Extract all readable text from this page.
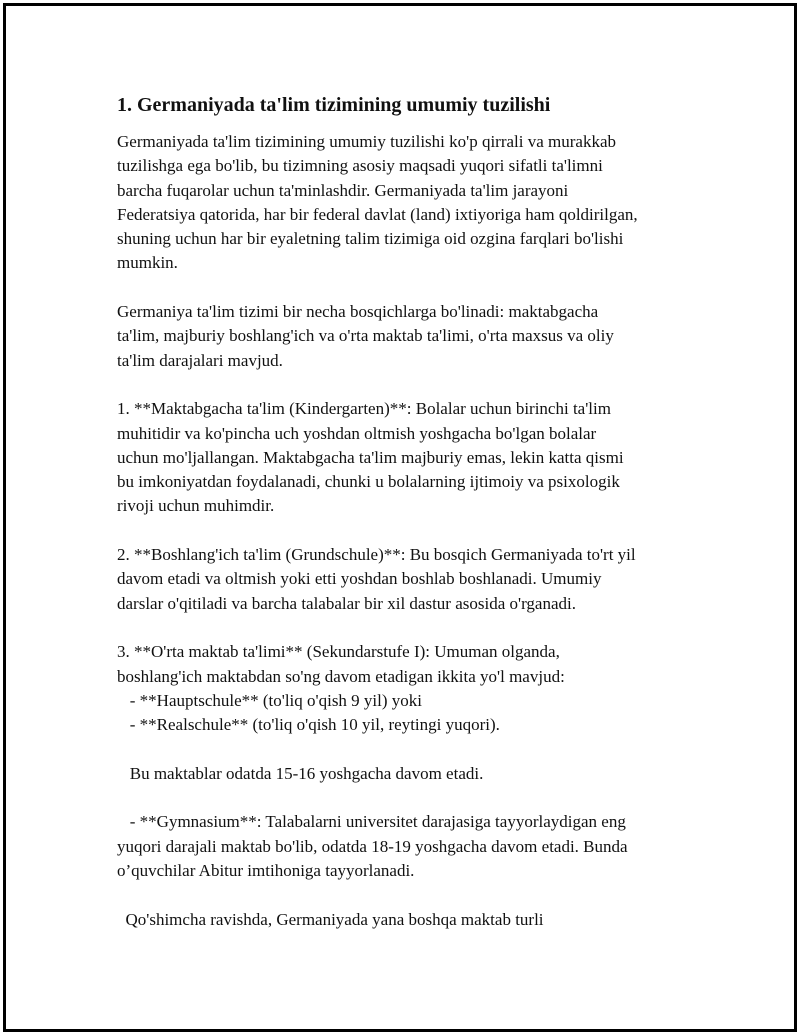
1. Germaniyada ta'lim tizimining umumiy tuzilishi
Germaniyada ta'lim tizimining umumiy tuzilishi ko'p qirrali va murakkab
tuzilishga ega bo'lib, bu tizimning asosiy maqsadi yuqori sifatli ta'limni
barcha fuqarolar uchun ta'minlashdir. Germaniyada ta'lim jarayoni
Federatsiya qatorida, har bir federal davlat (land) ixtiyoriga ham qoldirilgan,
shuning uchun har bir eyaletning talim tizimiga oid ozgina farqlari bo'lishi
mumkin.
Germaniya ta'lim tizimi bir necha bosqichlarga bo'linadi: maktabgacha
ta'lim, majburiy boshlang'ich va o'rta maktab ta'limi, o'rta maxsus va oliy
ta'lim darajalari mavjud.
1. **Maktabgacha ta'lim (Kindergarten)**: Bolalar uchun birinchi ta'lim
muhitidir va ko'pincha uch yoshdan oltmish yoshgacha bo'lgan bolalar
uchun mo'ljallangan. Maktabgacha ta'lim majburiy emas, lekin katta qismi
bu imkoniyatdan foydalanadi, chunki u bolalarning ijtimoiy va psixologik
rivoji uchun muhimdir.
2. **Boshlang'ich ta'lim (Grundschule)**: Bu bosqich Germaniyada to'rt yil
davom etadi va oltmish yoki etti yoshdan boshlab boshlanadi. Umumiy
darslar o'qitiladi va barcha talabalar bir xil dastur asosida o'rganadi.
3. **O'rta maktab ta'limi** (Sekundarstufe I): Umuman olganda,
boshlang'ich maktabdan so'ng davom etadigan ikkita yo'l mavjud:
- **Hauptschule** (to'liq o'qish 9 yil) yoki
- **Realschule** (to'liq o'qish 10 yil, reytingi yuqori).
Bu maktablar odatda 15-16 yoshgacha davom etadi.
- **Gymnasium**: Talabalarni universitet darajasiga tayyorlaydigan eng
yuqori darajali maktab bo'lib, odatda 18-19 yoshgacha davom etadi. Bunda
o’quvchilar Abitur imtihoniga tayyorlanadi.
Qo'shimcha ravishda, Germaniyada yana boshqa maktab turli
